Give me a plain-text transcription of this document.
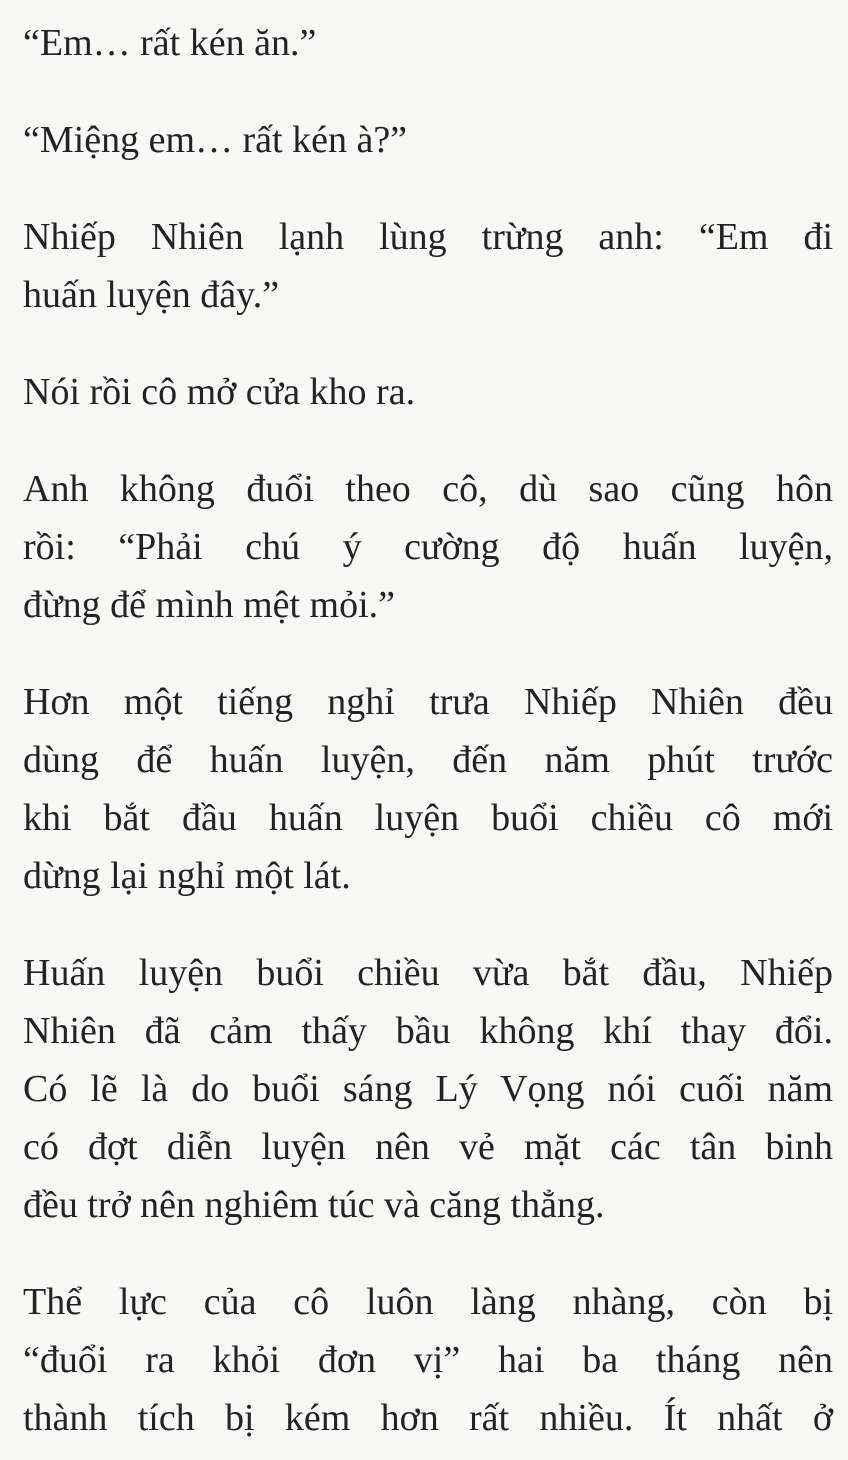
“Em… rất kén ăn.”
“Miệng em… rất kén à?”
Nhiếp Nhiên lạnh lùng trừng anh: “Em đi
huấn luyện đây.”
Nói rồi cô mở cửa kho ra.
Anh không đuổi theo cô, dù sao cũng hôn
rồi: “Phải chú ý cường độ huấn luyện,
đừng để mình mệt mỏi.”
Hơn một tiếng nghỉ trưa Nhiếp Nhiên đều
dùng để huấn luyện, đến năm phút trước
khi bắt đầu huấn luyện buổi chiều cô mới
dừng lại nghỉ một lát.
Huấn luyện buổi chiều vừa bắt đầu, Nhiếp
Nhiên đã cảm thấy bầu không khí thay đổi.
Có lẽ là do buổi sáng Lý Vọng nói cuối năm
có đợt diễn luyện nên vẻ mặt các tân binh
đều trở nên nghiêm túc và căng thẳng.
Thể lực của cô luôn làng nhàng, còn bị
“đuổi ra khỏi đơn vị” hai ba tháng nên
thành tích bị kém hơn rất nhiều. Ít nhất ở
